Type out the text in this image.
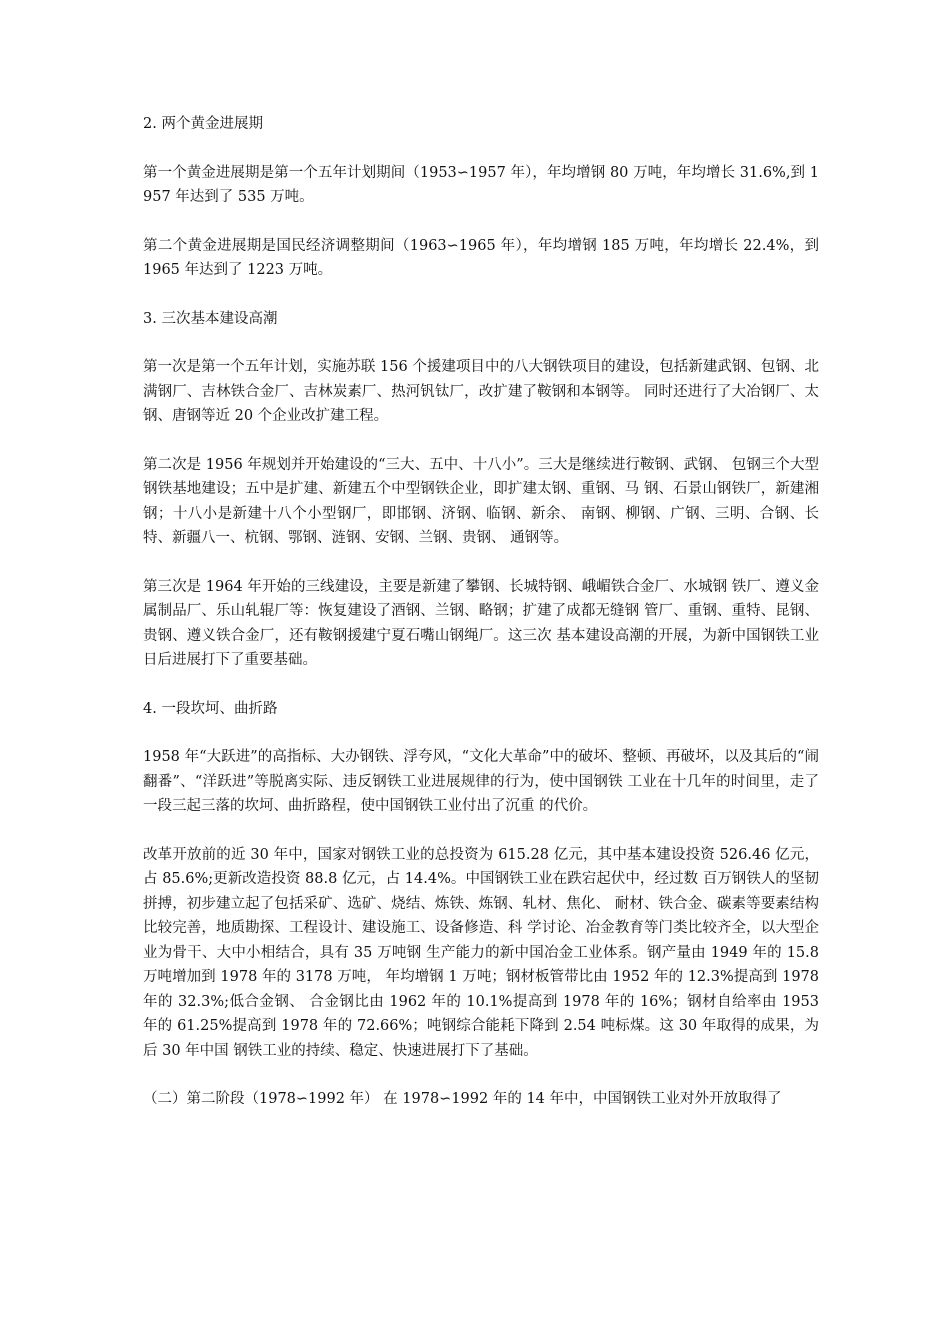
2. 两个黄金进展期

第一个黄金进展期是第一个五年计划期间（1953∽1957 年），年均增钢 80 万吨，年均增长 31.6%,到 1957 年达到了 535 万吨。

第二个黄金进展期是国民经济调整期间（1963∽1965 年），年均增钢 185 万吨，年均增长 22.4%，到 1965 年达到了 1223 万吨。

3. 三次基本建设高潮

第一次是第一个五年计划，实施苏联 156 个援建项目中的八大钢铁项目的建设，包括新建武钢、包钢、北满钢厂、吉林铁合金厂、吉林炭素厂、热河钒钛厂，改扩建了鞍钢和本钢等。 同时还进行了大冶钢厂、太钢、唐钢等近 20 个企业改扩建工程。

第二次是 1956 年规划并开始建设的“三大、五中、十八小”。三大是继续进行鞍钢、武钢、 包钢三个大型钢铁基地建设；五中是扩建、新建五个中型钢铁企业，即扩建太钢、重钢、马 钢、石景山钢铁厂，新建湘钢；十八小是新建十八个小型钢厂，即邯钢、济钢、临钢、新余、 南钢、柳钢、广钢、三明、合钢、长特、新疆八一、杭钢、鄂钢、涟钢、安钢、兰钢、贵钢、 通钢等。

第三次是 1964 年开始的三线建设，主要是新建了攀钢、长城特钢、峨嵋铁合金厂、水城钢 铁厂、遵义金属制品厂、乐山轧辊厂等：恢复建设了酒钢、兰钢、略钢；扩建了成都无缝钢 管厂、重钢、重特、昆钢、贵钢、遵义铁合金厂，还有鞍钢援建宁夏石嘴山钢绳厂。这三次 基本建设高潮的开展，为新中国钢铁工业日后进展打下了重要基础。

4. 一段坎坷、曲折路

1958 年“大跃进”的高指标、大办钢铁、浮夸风，“文化大革命”中的破坏、整顿、再破坏，以及其后的“闹翻番”、“洋跃进”等脱离实际、违反钢铁工业进展规律的行为，使中国钢铁 工业在十几年的时间里，走了一段三起三落的坎坷、曲折路程，使中国钢铁工业付出了沉重 的代价。

改革开放前的近 30 年中，国家对钢铁工业的总投资为 615.28 亿元，其中基本建设投资 526.46 亿元，占 85.6%;更新改造投资 88.8 亿元，占 14.4%。中国钢铁工业在跌宕起伏中，经过数 百万钢铁人的坚韧拼搏，初步建立起了包括采矿、选矿、烧结、炼铁、炼钢、轧材、焦化、 耐材、铁合金、碳素等要素结构比较完善，地质勘探、工程设计、建设施工、设备修造、科 学讨论、冶金教育等门类比较齐全，以大型企业为骨干、大中小相结合，具有 35 万吨钢 生产能力的新中国冶金工业体系。钢产量由 1949 年的 15.8 万吨增加到 1978 年的 3178 万吨， 年均增钢 1 万吨；钢材板管带比由 1952 年的 12.3%提高到 1978 年的 32.3%;低合金钢、 合金钢比由 1962 年的 10.1%提高到 1978 年的 16%；钢材自给率由 1953 年的 61.25%提高到 1978 年的 72.66%；吨钢综合能耗下降到 2.54 吨标煤。这 30 年取得的成果，为后 30 年中国 钢铁工业的持续、稳定、快速进展打下了基础。

（二）第二阶段（1978∽1992 年） 在 1978∽1992 年的 14 年中，中国钢铁工业对外开放取得了
